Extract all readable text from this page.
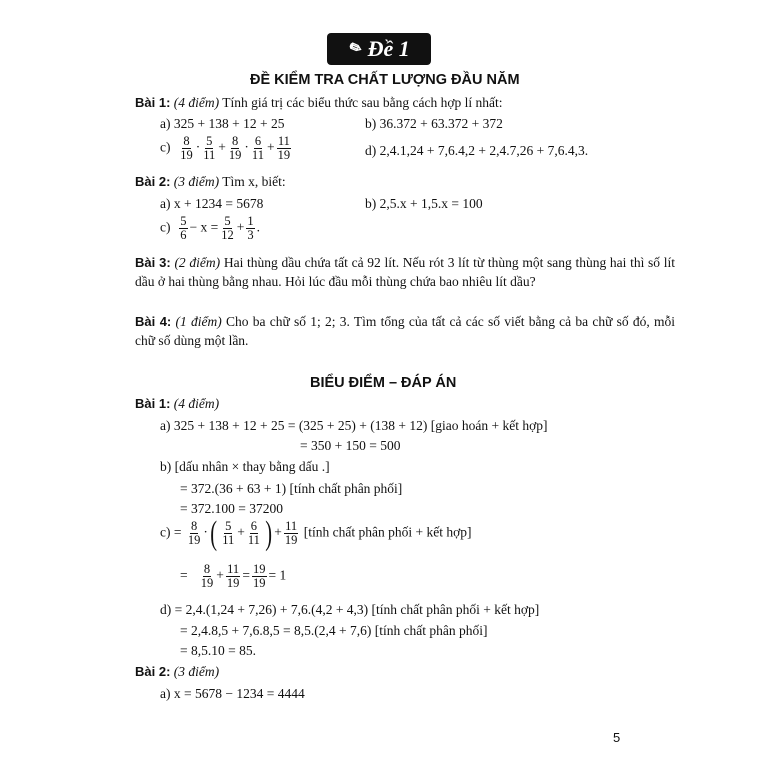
✎ Đề 1
ĐỀ KIỂM TRA CHẤT LƯỢNG ĐẦU NĂM
Bài 1: (4 điểm) Tính giá trị các biểu thức sau bằng cách hợp lí nhất:
a) 325 + 138 + 12 + 25	b) 36.372 + 63.372 + 372
$c) \frac{8}{19} \cdot \frac{5}{11} + \frac{8}{19} \cdot \frac{6}{11} + \frac{11}{19}$	d) 2,4.1,24 + 7,6.4,2 + 2,4.7,26 + 7,6.4,3.
Bài 2: (3 điểm) Tìm x, biết:
a) x + 1234 = 5678	b) 2,5.x + 1,5.x = 100
$c) \frac{5}{6} - x = \frac{5}{12} + \frac{1}{3}$ .
Bài 3: (2 điểm) Hai thùng dầu chứa tất cả 92 lít. Nếu rót 3 lít từ thùng một sang thùng hai thì số lít dầu ở hai thùng bằng nhau. Hỏi lúc đầu mỗi thùng chứa bao nhiêu lít dầu?
Bài 4: (1 điểm) Cho ba chữ số 1; 2; 3. Tìm tổng của tất cả các số viết bằng cả ba chữ số đó, mỗi chữ số dùng một lần.
BIỂU ĐIỂM – ĐÁP ÁN
Bài 1: (4 điểm)
a) 325 + 138 + 12 + 25 = (325 + 25) + (138 + 12) [giao hoán + kết hợp]
= 350 + 150 = 500
b) [dấu nhân × thay bằng dấu .]
= 372.(36 + 63 + 1) [tính chất phân phối]
= 372.100 = 37200
$c) = \frac{8}{19}$ ·( $\frac{5}{11} + \frac{6}{11}$ ) + $\frac{11}{19}$ [tính chất phân phối + kết hợp]
= $\frac{8}{19} + \frac{11}{19} = \frac{19}{19} = 1$
d) = 2,4.(1,24 + 7,26) + 7,6.(4,2 + 4,3) [tính chất phân phối + kết hợp]
= 2,4.8,5 + 7,6.8,5 = 8,5.(2,4 + 7,6) [tính chất phân phối]
= 8,5.10 = 85.
Bài 2: (3 điểm)
a) x = 5678 − 1234 = 4444
5
